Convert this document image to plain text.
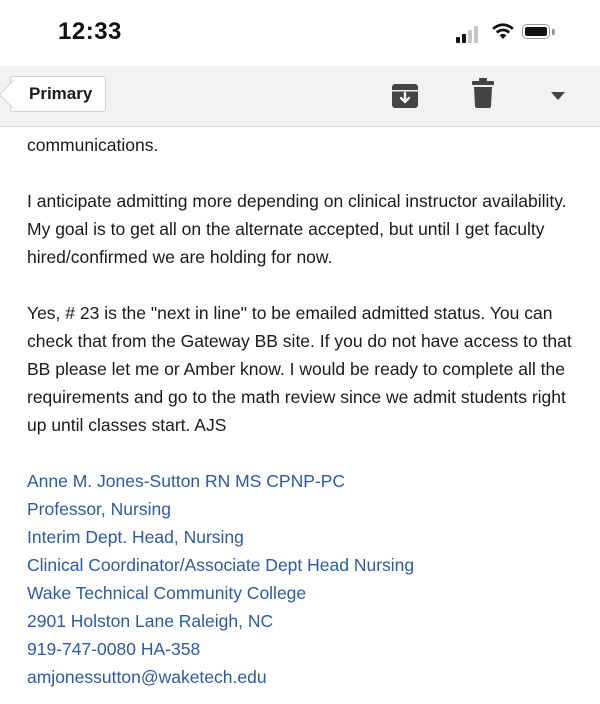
12:33
Primary

communications.

I anticipate admitting more depending on clinical instructor availability. My goal is to get all on the alternate accepted, but until I get faculty hired/confirmed we are holding for now.

Yes, # 23 is the "next in line" to be emailed admitted status. You can check that from the Gateway BB site. If you do not have access to that BB please let me or Amber know. I would be ready to complete all the requirements and go to the math review since we admit students right up until classes start. AJS

Anne M. Jones-Sutton RN MS CPNP-PC
Professor, Nursing
Interim Dept. Head, Nursing
Clinical Coordinator/Associate Dept Head Nursing
Wake Technical Community College
2901 Holston Lane Raleigh, NC
919-747-0080 HA-358
amjonessutton@waketech.edu
